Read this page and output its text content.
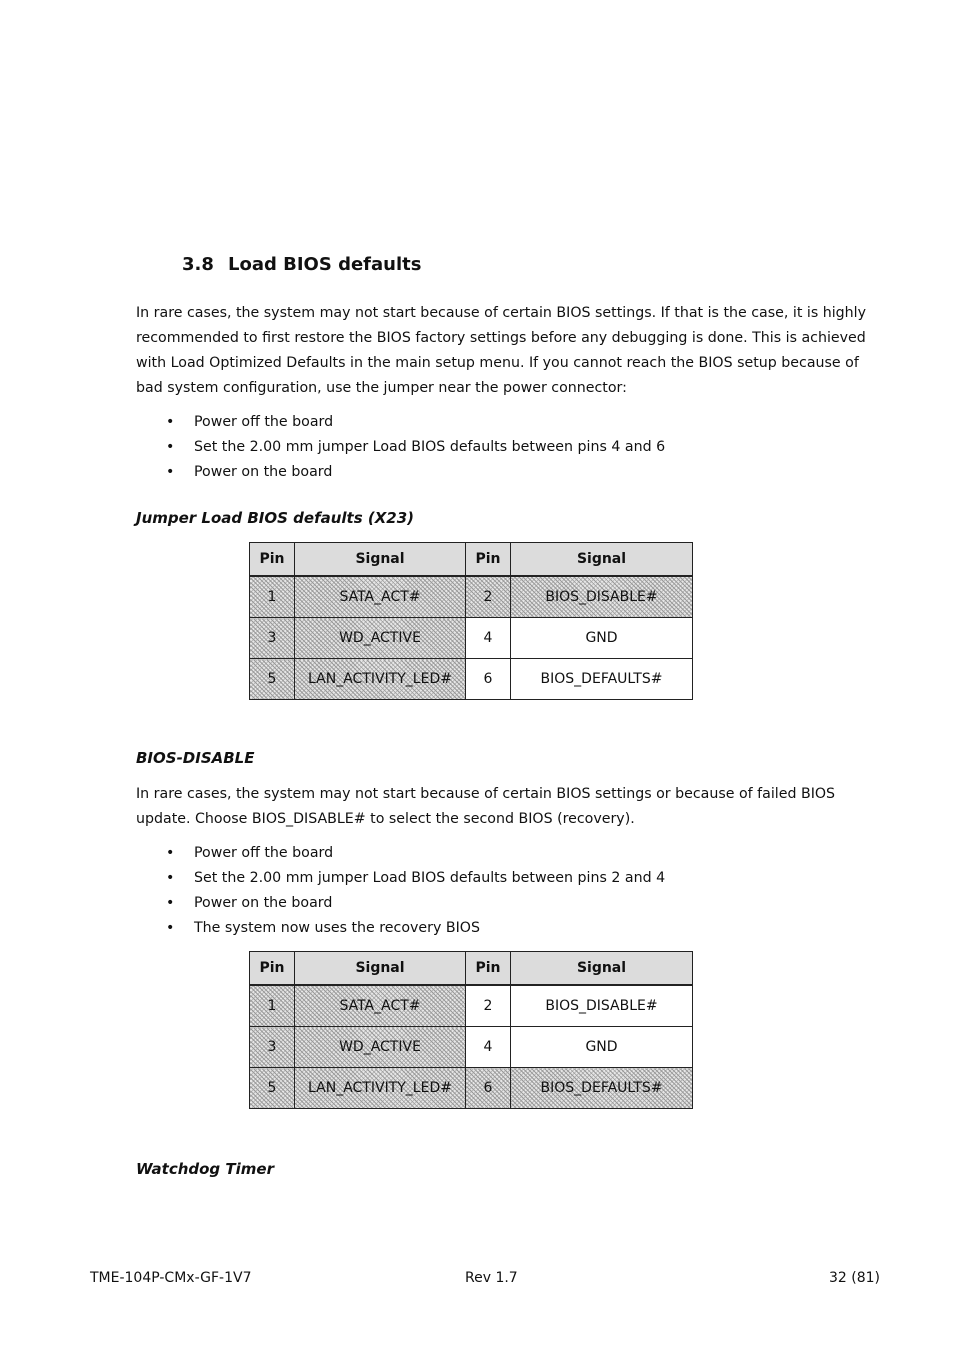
3.8 Load BIOS defaults
In rare cases, the system may not start because of certain BIOS settings. If that is the case, it is highly recommended to first restore the BIOS factory settings before any debugging is done. This is achieved with Load Optimized Defaults in the main setup menu. If you cannot reach the BIOS setup because of bad system configuration, use the jumper near the power connector:
• Power off the board
• Set the 2.00 mm jumper Load BIOS defaults between pins 4 and 6
• Power on the board
Jumper Load BIOS defaults (X23)
Pin	Signal	Pin	Signal
1	SATA_ACT#	2	BIOS_DISABLE#
3	WD_ACTIVE	4	GND
5	LAN_ACTIVITY_LED#	6	BIOS_DEFAULTS#
BIOS-DISABLE
In rare cases, the system may not start because of certain BIOS settings or because of failed BIOS update. Choose BIOS_DISABLE# to select the second BIOS (recovery).
• Power off the board
• Set the 2.00 mm jumper Load BIOS defaults between pins 2 and 4
• Power on the board
• The system now uses the recovery BIOS
Pin	Signal	Pin	Signal
1	SATA_ACT#	2	BIOS_DISABLE#
3	WD_ACTIVE	4	GND
5	LAN_ACTIVITY_LED#	6	BIOS_DEFAULTS#
Watchdog Timer
TME-104P-CMx-GF-1V7	Rev 1.7	32 (81)
